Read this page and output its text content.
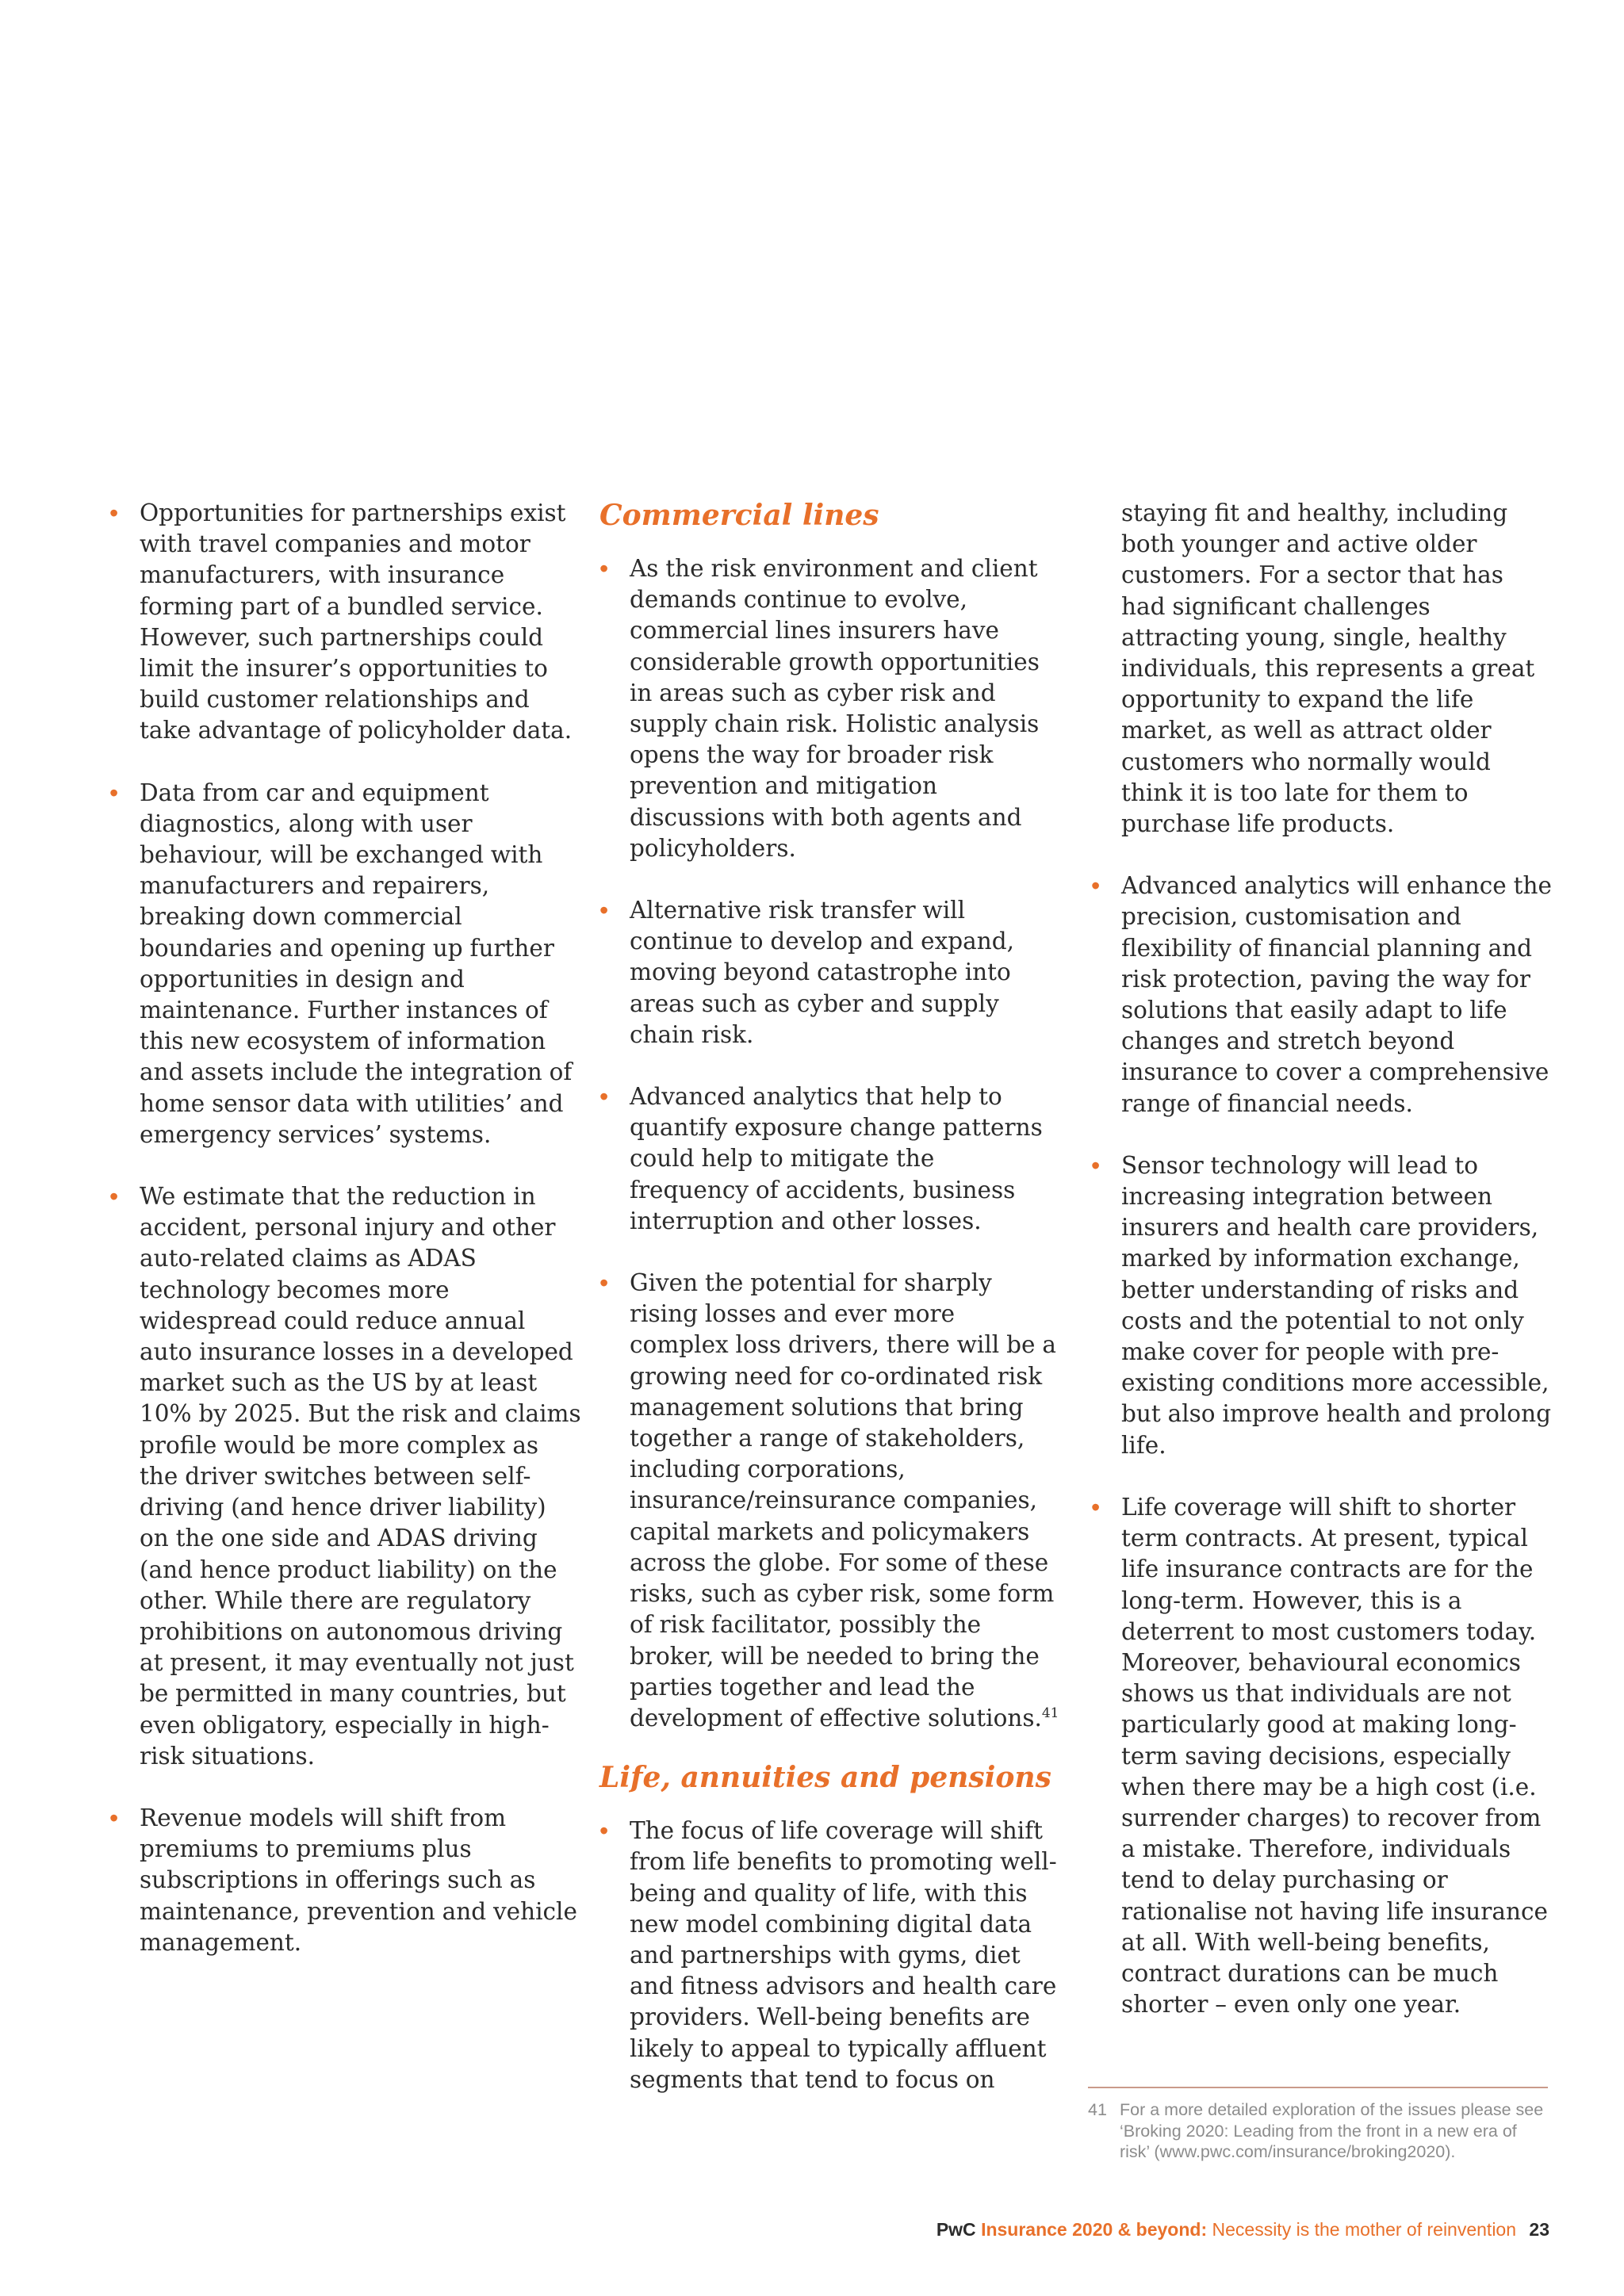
• Opportunities for partnerships exist with travel companies and motor manufacturers, with insurance forming part of a bundled service. However, such partnerships could limit the insurer’s opportunities to build customer relationships and take advantage of policyholder data.
• Data from car and equipment diagnostics, along with user behaviour, will be exchanged with manufacturers and repairers, breaking down commercial boundaries and opening up further opportunities in design and maintenance. Further instances of this new ecosystem of information and assets include the integration of home sensor data with utilities’ and emergency services’ systems.
• We estimate that the reduction in accident, personal injury and other auto-related claims as ADAS technology becomes more widespread could reduce annual auto insurance losses in a developed market such as the US by at least 10% by 2025. But the risk and claims profile would be more complex as the driver switches between self-driving (and hence driver liability) on the one side and ADAS driving (and hence product liability) on the other. While there are regulatory prohibitions on autonomous driving at present, it may eventually not just be permitted in many countries, but even obligatory, especially in high-risk situations.
• Revenue models will shift from premiums to premiums plus subscriptions in offerings such as maintenance, prevention and vehicle management.
Commercial lines
• As the risk environment and client demands continue to evolve, commercial lines insurers have considerable growth opportunities in areas such as cyber risk and supply chain risk. Holistic analysis opens the way for broader risk prevention and mitigation discussions with both agents and policyholders.
• Alternative risk transfer will continue to develop and expand, moving beyond catastrophe into areas such as cyber and supply chain risk.
• Advanced analytics that help to quantify exposure change patterns could help to mitigate the frequency of accidents, business interruption and other losses.
• Given the potential for sharply rising losses and ever more complex loss drivers, there will be a growing need for co-ordinated risk management solutions that bring together a range of stakeholders, including corporations, insurance/reinsurance companies, capital markets and policymakers across the globe. For some of these risks, such as cyber risk, some form of risk facilitator, possibly the broker, will be needed to bring the parties together and lead the development of effective solutions.$^{41}$
Life, annuities and pensions
• The focus of life coverage will shift from life benefits to promoting well-being and quality of life, with this new model combining digital data and partnerships with gyms, diet and fitness advisors and health care providers. Well-being benefits are likely to appeal to typically affluent segments that tend to focus on
staying fit and healthy, including both younger and active older customers. For a sector that has had significant challenges attracting young, single, healthy individuals, this represents a great opportunity to expand the life market, as well as attract older customers who normally would think it is too late for them to purchase life products.
• Advanced analytics will enhance the precision, customisation and flexibility of financial planning and risk protection, paving the way for solutions that easily adapt to life changes and stretch beyond insurance to cover a comprehensive range of financial needs.
• Sensor technology will lead to increasing integration between insurers and health care providers, marked by information exchange, better understanding of risks and costs and the potential to not only make cover for people with pre-existing conditions more accessible, but also improve health and prolong life.
• Life coverage will shift to shorter term contracts. At present, typical life insurance contracts are for the long-term. However, this is a deterrent to most customers today. Moreover, behavioural economics shows us that individuals are not particularly good at making long-term saving decisions, especially when there may be a high cost (i.e. surrender charges) to recover from a mistake. Therefore, individuals tend to delay purchasing or rationalise not having life insurance at all. With well-being benefits, contract durations can be much shorter – even only one year.
41 For a more detailed exploration of the issues please see ‘Broking 2020: Leading from the front in a new era of risk’ (www.pwc.com/insurance/broking2020).
PwC Insurance 2020 & beyond: Necessity is the mother of reinvention 23
